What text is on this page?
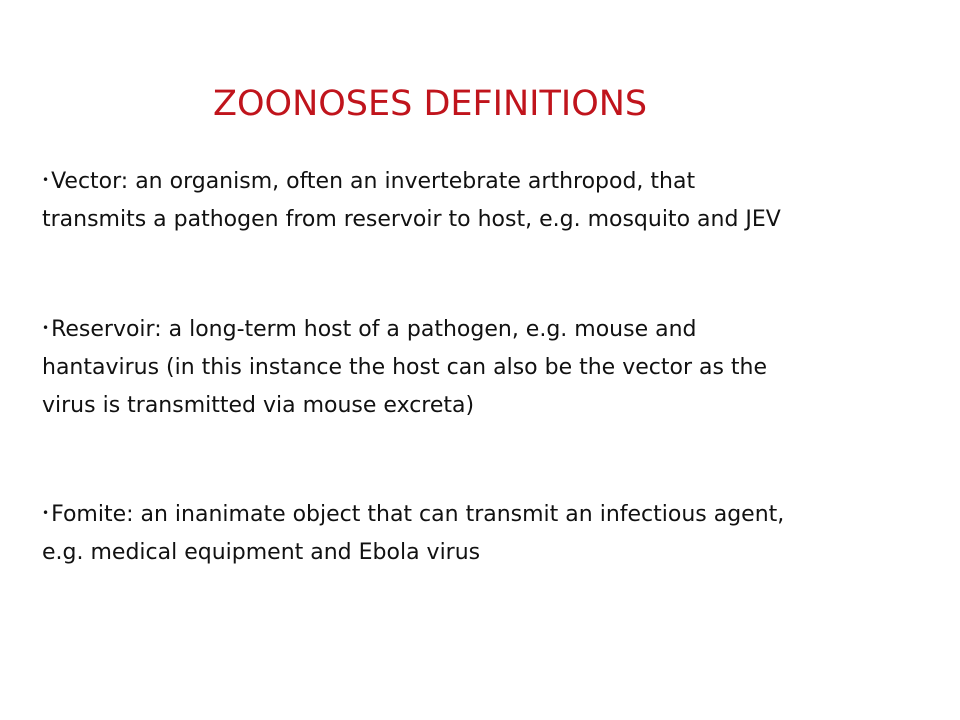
ZOONOSES DEFINITIONS
•Vector: an organism, often an invertebrate arthropod, that
transmits a pathogen from reservoir to host, e.g. mosquito and JEV
•Reservoir: a long-term host of a pathogen, e.g. mouse and
hantavirus (in this instance the host can also be the vector as the
virus is transmitted via mouse excreta)
•Fomite: an inanimate object that can transmit an infectious agent,
e.g. medical equipment and Ebola virus
